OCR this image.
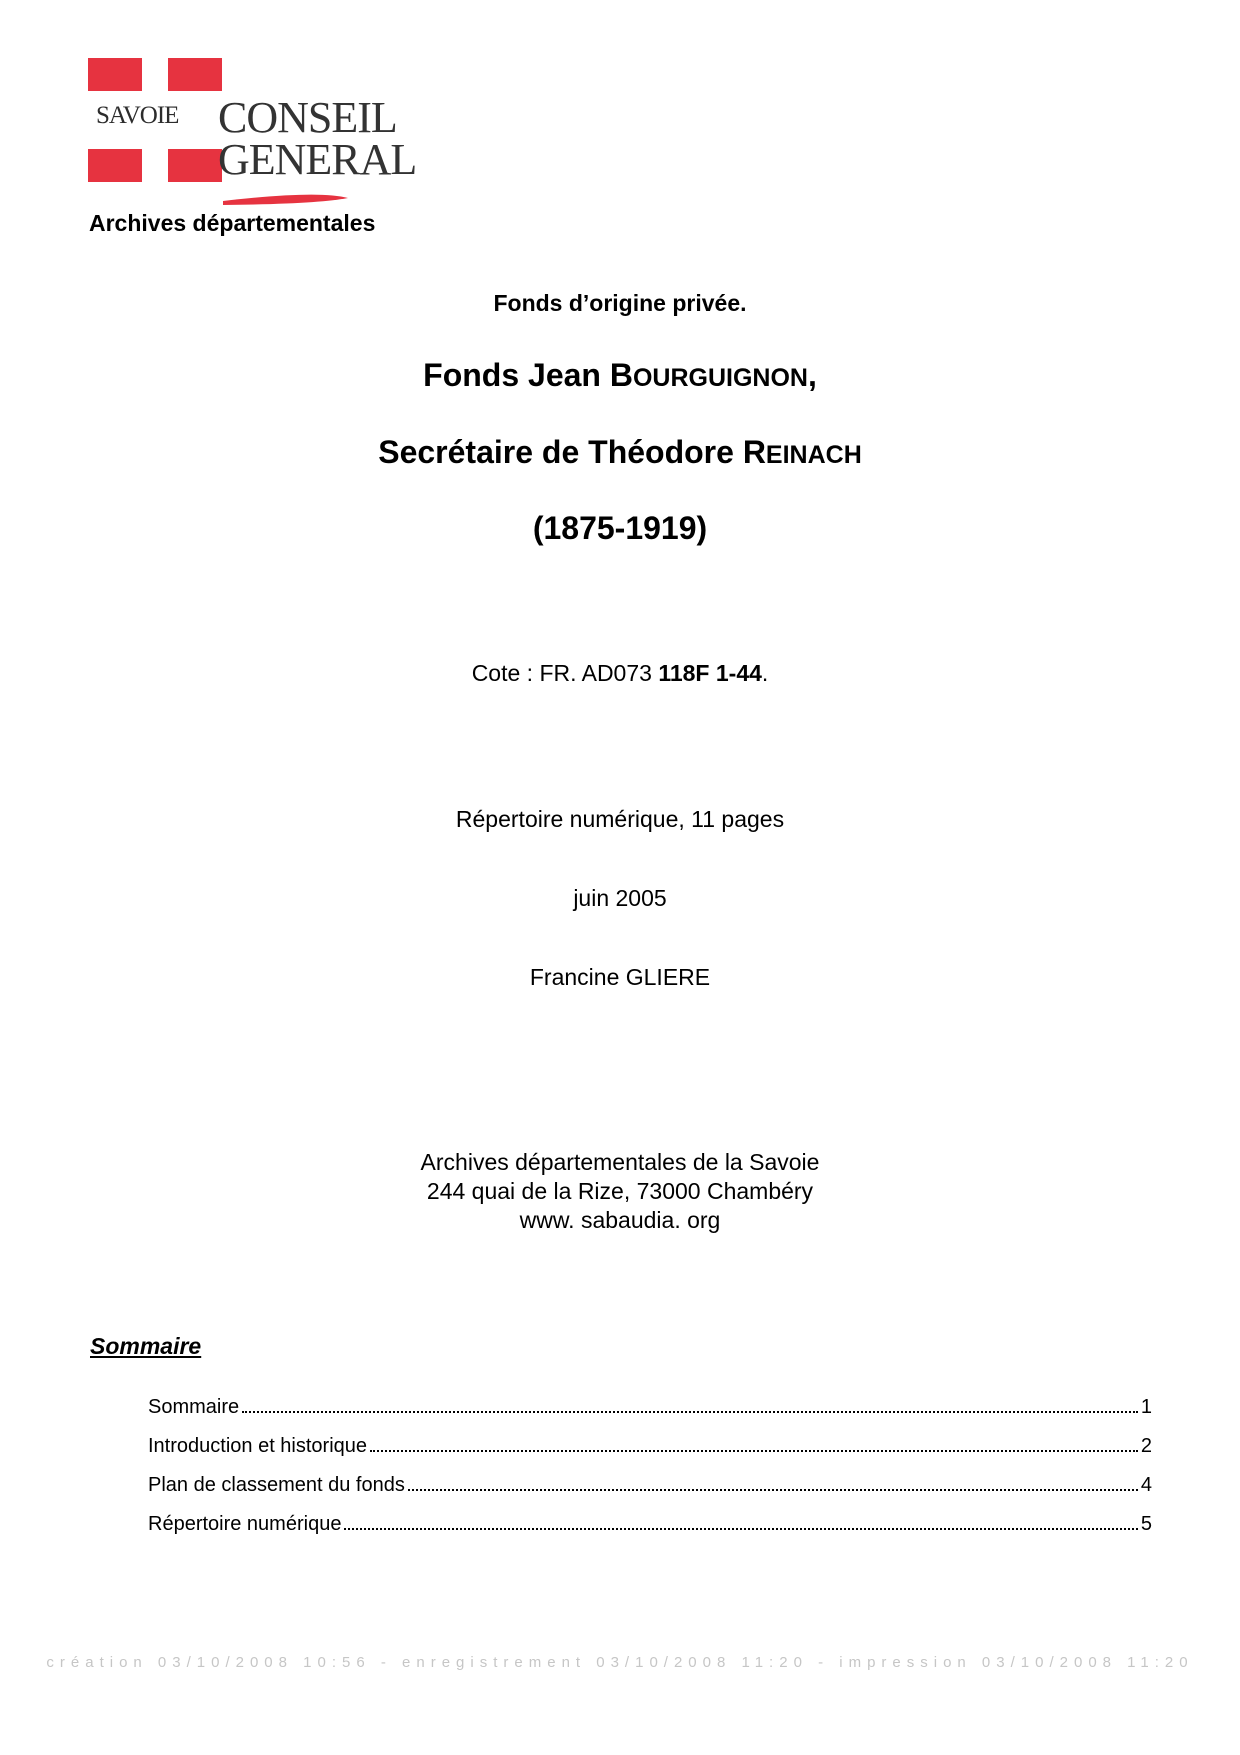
SAVOIE CONSEIL
GENERAL
Archives départementales
Fonds d’origine privée.
Fonds Jean BOURGUIGNON,
Secrétaire de Théodore REINACH
(1875-1919)
Cote : FR. AD073 118F 1-44.
Répertoire numérique, 11 pages
juin 2005
Francine GLIERE
Archives départementales de la Savoie
244 quai de la Rize, 73000 Chambéry
www. sabaudia. org
Sommaire
Sommaire	1
Introduction et historique	2
Plan de classement du fonds	4
Répertoire numérique	5
création 03/10/2008 10:56 - enregistrement 03/10/2008 11:20 - impression 03/10/2008 11:20
